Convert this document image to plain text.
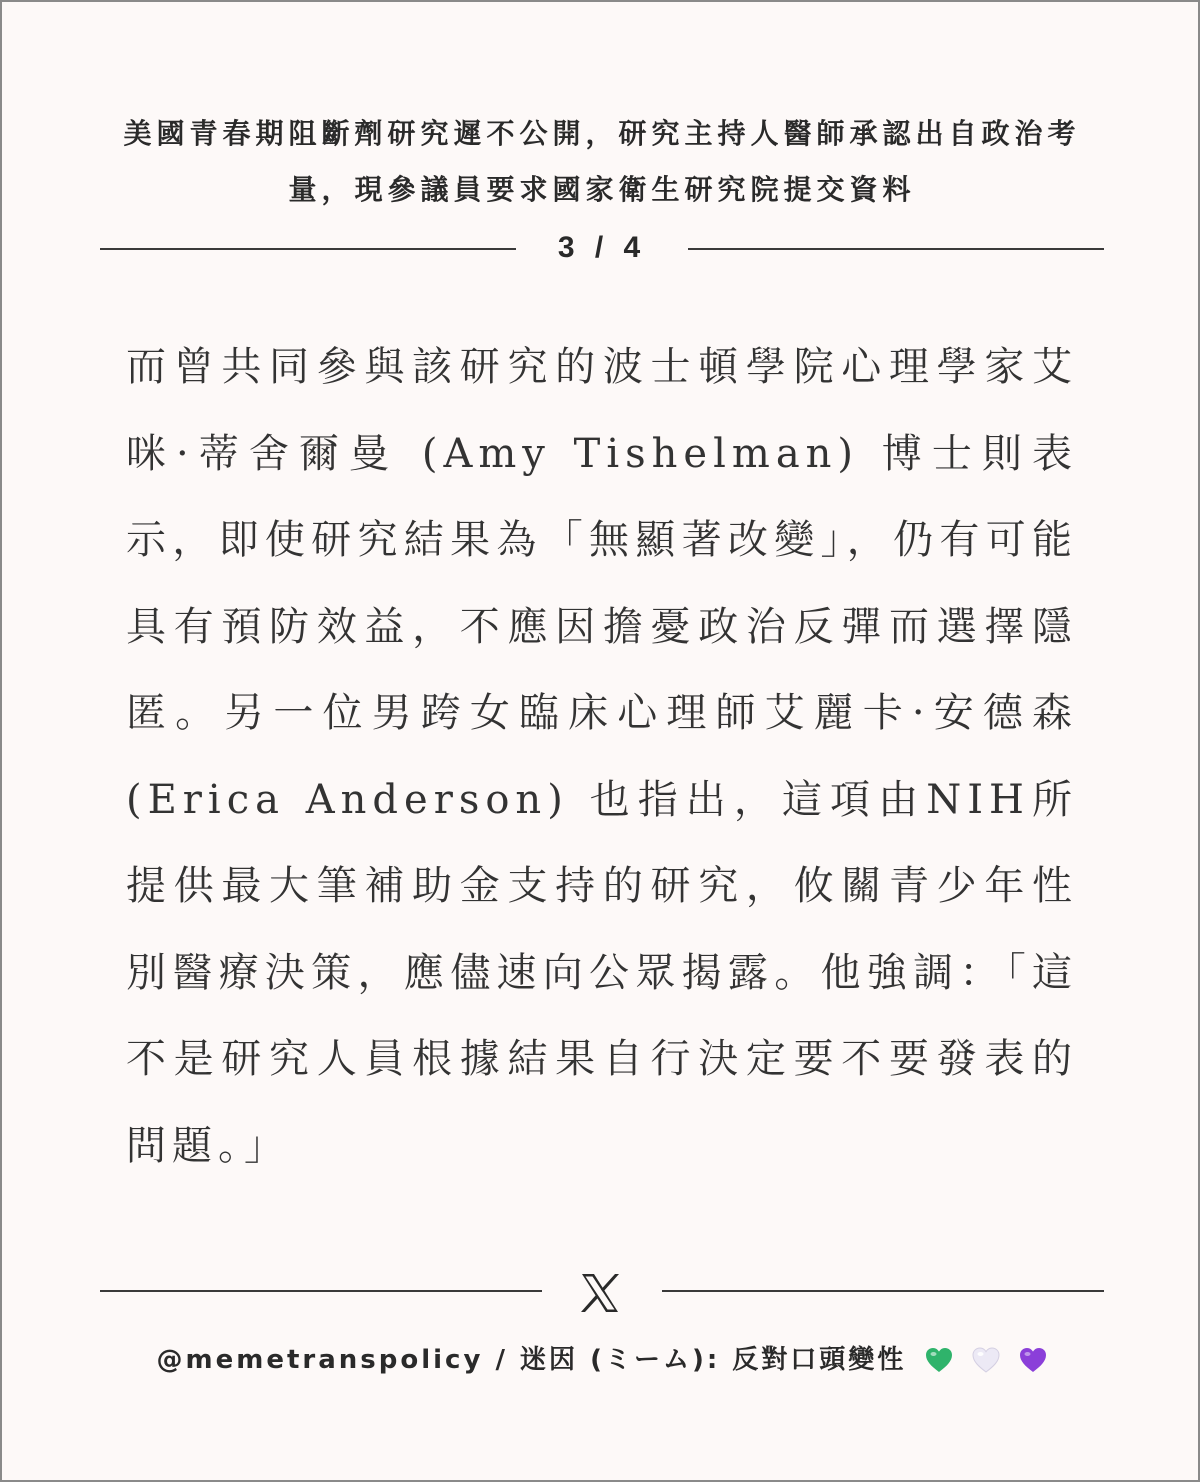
美國青春期阻斷劑研究遲不公開，研究主持人醫師承認出自政治考量，現參議員要求國家衛生研究院提交資料
3 / 4

而曾共同參與該研究的波士頓學院心理學家艾咪·蒂舍爾曼 (Amy Tishelman) 博士則表示，即使研究結果為「無顯著改變」，仍有可能具有預防效益，不應因擔憂政治反彈而選擇隱匿。另一位男跨女臨床心理師艾麗卡·安德森 (Erica Anderson) 也指出，這項由NIH所提供最大筆補助金支持的研究，攸關青少年性別醫療決策，應儘速向公眾揭露。他強調：「這不是研究人員根據結果自行決定要不要發表的問題。」

@memetranspolicy / 迷因 (ミーム): 反對口頭變性
